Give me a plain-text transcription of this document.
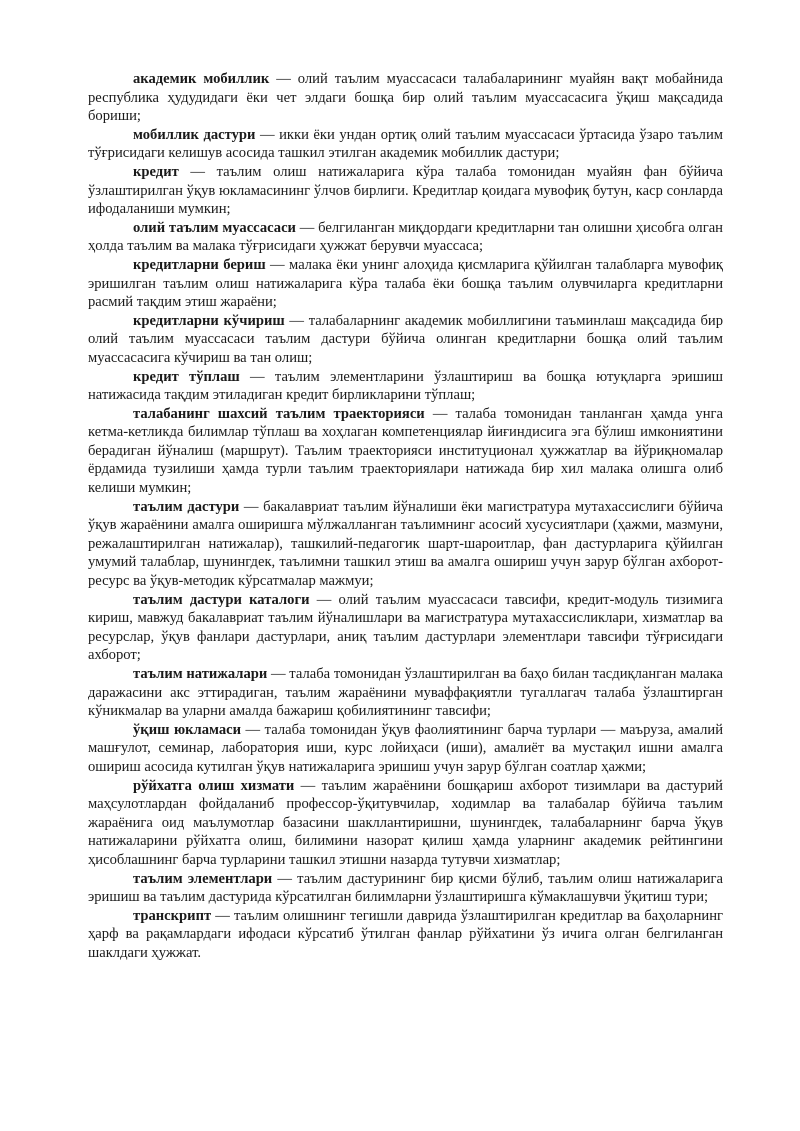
академик мобиллик — олий таълим муассасаси талабаларининг муайян вақт мобайнида республика ҳудудидаги ёки чет элдаги бошқа бир олий таълим муассасасига ўқиш мақсадида бориши;

мобиллик дастури — икки ёки ундан ортиқ олий таълим муассасаси ўртасида ўзаро таълим тўғрисидаги келишув асосида ташкил этилган академик мобиллик дастури;

кредит — таълим олиш натижаларига кўра талаба томонидан муайян фан бўйича ўзлаштирилган ўқув юкламасининг ўлчов бирлиги. Кредитлар қоидага мувофиқ бутун, каср сонларда ифодаланиши мумкин;

олий таълим муассасаси — белгиланган миқдордаги кредитларни тан олишни ҳисобга олган ҳолда таълим ва малака тўғрисидаги ҳужжат берувчи муассаса;

кредитларни бериш — малака ёки унинг алоҳида қисмларига қўйилган талабларга мувофиқ эришилган таълим олиш натижаларига кўра талаба ёки бошқа таълим олувчиларга кредитларни расмий тақдим этиш жараёни;

кредитларни кўчириш — талабаларнинг академик мобиллигини таъминлаш мақсадида бир олий таълим муассасаси таълим дастури бўйича олинган кредитларни бошқа олий таълим муассасасига кўчириш ва тан олиш;

кредит тўплаш — таълим элементларини ўзлаштириш ва бошқа ютуқларга эришиш натижасида тақдим этиладиган кредит бирликларини тўплаш;

талабанинг шахсий таълим траекторияси — талаба томонидан танланган ҳамда унга кетма-кетликда билимлар тўплаш ва хоҳлаган компетенциялар йиғиндисига эга бўлиш имкониятини берадиган йўналиш (маршрут). Таълим траекторияси институционал ҳужжатлар ва йўриқномалар ёрдамида тузилиши ҳамда турли таълим траекториялари натижада бир хил малака олишга олиб келиши мумкин;

таълим дастури — бакалавриат таълим йўналиши ёки магистратура мутахассислиги бўйича ўқув жараёнини амалга оширишга мўлжалланган таълимнинг асосий хусусиятлари (ҳажми, мазмуни, режалаштирилган натижалар), ташкилий-педагогик шарт-шароитлар, фан дастурларига қўйилган умумий талаблар, шунингдек, таълимни ташкил этиш ва амалга ошириш учун зарур бўлган ахборот-ресурс ва ўқув-методик кўрсатмалар мажмуи;

таълим дастури каталоги — олий таълим муассасаси тавсифи, кредит-модуль тизимига кириш, мавжуд бакалавриат таълим йўналишлари ва магистратура мутахассисликлари, хизматлар ва ресурслар, ўқув фанлари дастурлари, аниқ таълим дастурлари элементлари тавсифи тўғрисидаги ахборот;

таълим натижалари — талаба томонидан ўзлаштирилган ва баҳо билан тасдиқланган малака даражасини акс эттирадиган, таълим жараёнини муваффақиятли тугаллагач талаба ўзлаштирган кўникмалар ва уларни амалда бажариш қобилиятининг тавсифи;

ўқиш юкламаси — талаба томонидан ўқув фаолиятининг барча турлари — маъруза, амалий машғулот, семинар, лаборатория иши, курс лойиҳаси (иши), амалиёт ва мустақил ишни амалга ошириш асосида кутилган ўқув натижаларига эришиш учун зарур бўлган соатлар ҳажми;

рўйхатга олиш хизмати — таълим жараёнини бошқариш ахборот тизимлари ва дастурий маҳсулотлардан фойдаланиб профессор-ўқитувчилар, ходимлар ва талабалар бўйича таълим жараёнига оид маълумотлар базасини шакллантиришни, шунингдек, талабаларнинг барча ўқув натижаларини рўйхатга олиш, билимини назорат қилиш ҳамда уларнинг академик рейтингини ҳисоблашнинг барча турларини ташкил этишни назарда тутувчи хизматлар;

таълим элементлари — таълим дастурининг бир қисми бўлиб, таълим олиш натижаларига эришиш ва таълим дастурида кўрсатилган билимларни ўзлаштиришга кўмаклашувчи ўқитиш тури;

транскрипт — таълим олишнинг тегишли даврида ўзлаштирилган кредитлар ва баҳоларнинг ҳарф ва рақамлардаги ифодаси кўрсатиб ўтилган фанлар рўйхатини ўз ичига олган белгиланган шаклдаги ҳужжат.
